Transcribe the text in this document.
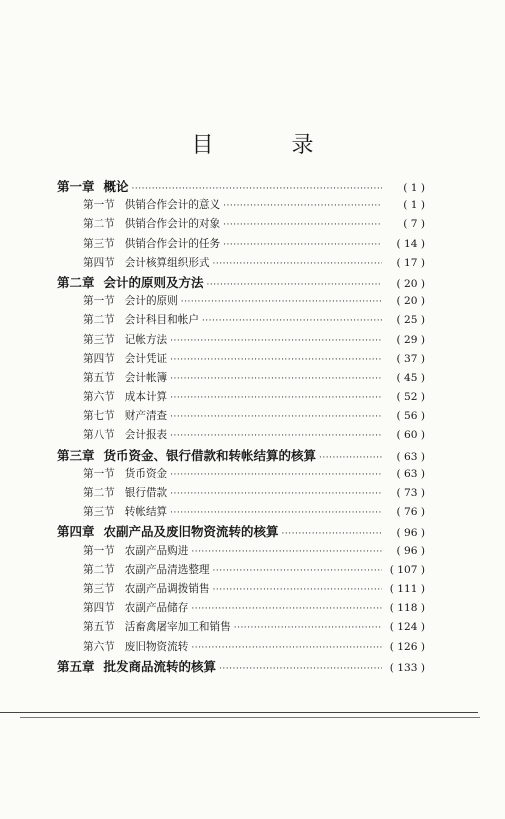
目　录
第一章 概论 ·····	( 1 )
第一节 供销合作会计的意义 ·····	( 1 )
第二节 供销合作会计的对象 ·····	( 7 )
第三节 供销合作会计的任务 ·····	( 14 )
第四节 会计核算组织形式 ·····	( 17 )
第二章 会计的原则及方法 ·····	( 20 )
第一节 会计的原则 ·····	( 20 )
第二节 会计科目和帐户 ·····	( 25 )
第三节 记帐方法 ·····	( 29 )
第四节 会计凭证 ·····	( 37 )
第五节 会计帐簿 ·····	( 45 )
第六节 成本计算 ·····	( 52 )
第七节 财产清查 ·····	( 56 )
第八节 会计报表 ·····	( 60 )
第三章 货币资金、银行借款和转帐结算的核算 ·····	( 63 )
第一节 货币资金 ·····	( 63 )
第二节 银行借款 ·····	( 73 )
第三节 转帐结算 ·····	( 76 )
第四章 农副产品及废旧物资流转的核算 ·····	( 96 )
第一节 农副产品购进 ·····	( 96 )
第二节 农副产品清选整理 ·····	( 107 )
第三节 农副产品调拨销售 ·····	( 111 )
第四节 农副产品储存 ·····	( 118 )
第五节 活畜禽屠宰加工和销售 ·····	( 124 )
第六节 废旧物资流转 ·····	( 126 )
第五章 批发商品流转的核算 ·····	( 133 )
